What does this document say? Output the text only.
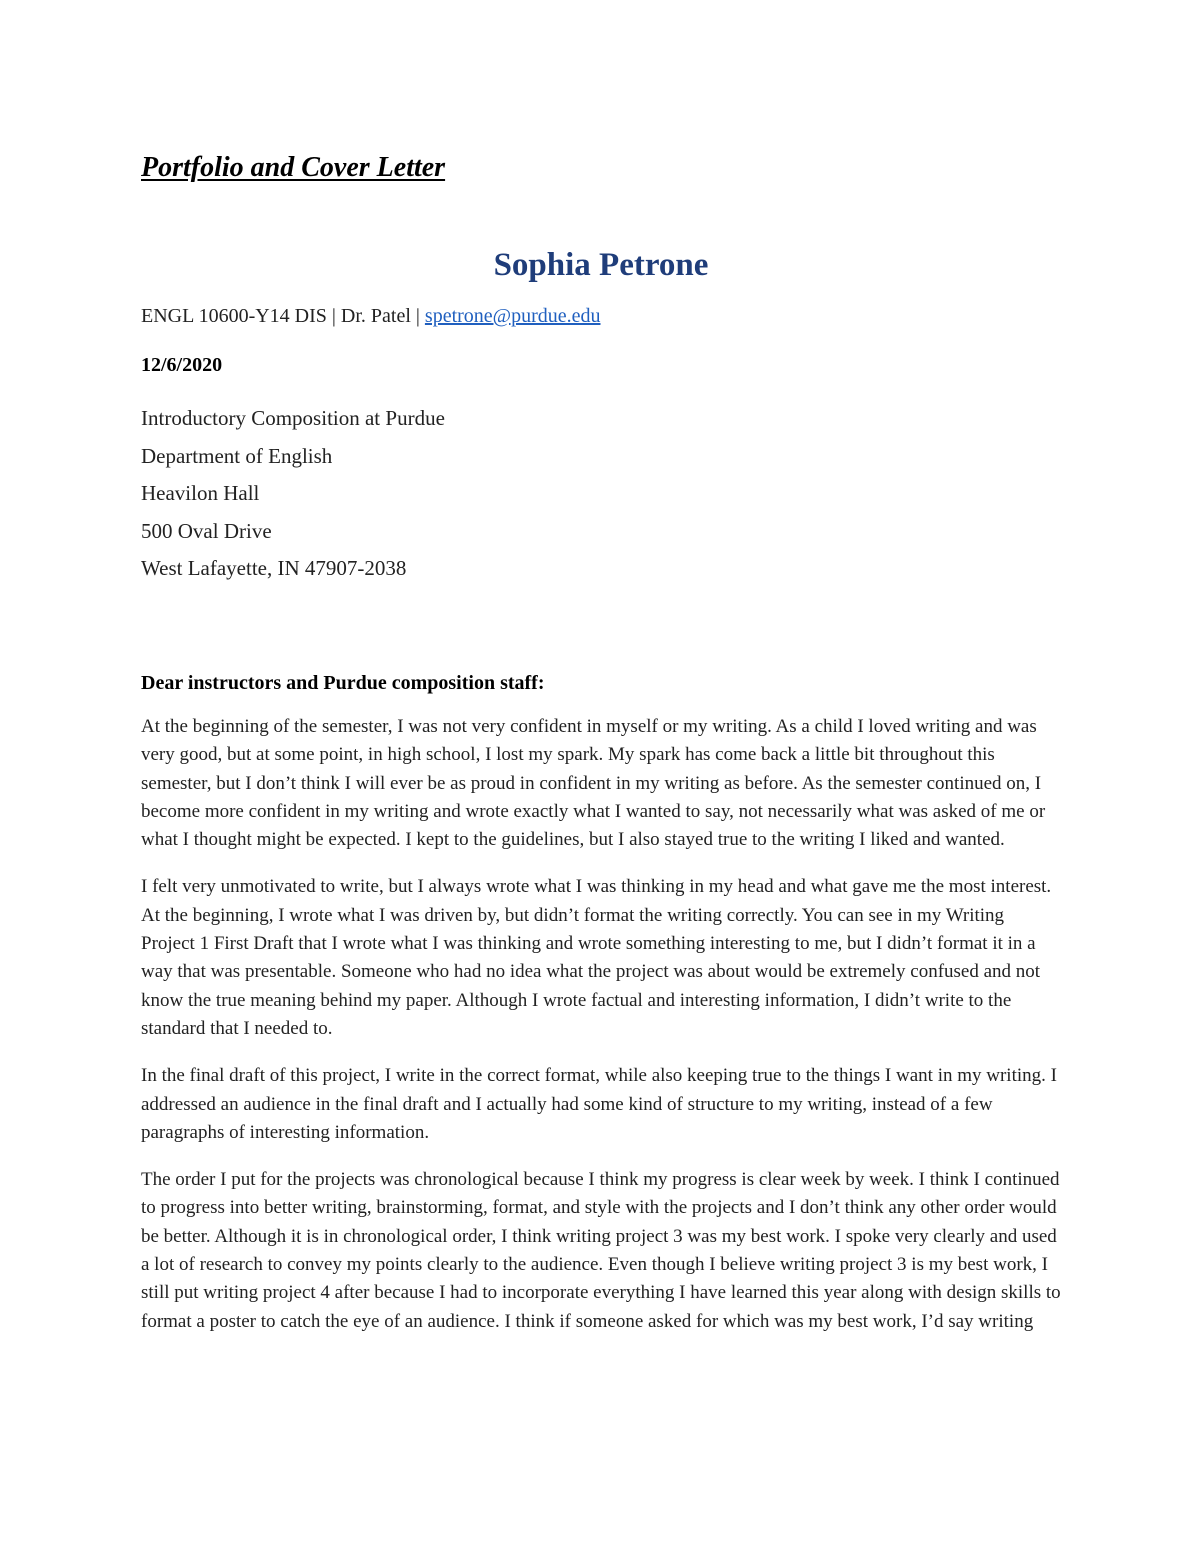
Portfolio and Cover Letter
Sophia Petrone
ENGL 10600-Y14 DIS | Dr. Patel | spetrone@purdue.edu
12/6/2020
Introductory Composition at Purdue
Department of English
Heavilon Hall
500 Oval Drive
West Lafayette, IN 47907-2038
Dear instructors and Purdue composition staff:

At the beginning of the semester, I was not very confident in myself or my writing. As a child I loved writing and was very good, but at some point, in high school, I lost my spark. My spark has come back a little bit throughout this semester, but I don’t think I will ever be as proud in confident in my writing as before. As the semester continued on, I become more confident in my writing and wrote exactly what I wanted to say, not necessarily what was asked of me or what I thought might be expected. I kept to the guidelines, but I also stayed true to the writing I liked and wanted.

I felt very unmotivated to write, but I always wrote what I was thinking in my head and what gave me the most interest. At the beginning, I wrote what I was driven by, but didn’t format the writing correctly. You can see in my Writing Project 1 First Draft that I wrote what I was thinking and wrote something interesting to me, but I didn’t format it in a way that was presentable. Someone who had no idea what the project was about would be extremely confused and not know the true meaning behind my paper. Although I wrote factual and interesting information, I didn’t write to the standard that I needed to.

In the final draft of this project, I write in the correct format, while also keeping true to the things I want in my writing. I addressed an audience in the final draft and I actually had some kind of structure to my writing, instead of a few paragraphs of interesting information.

The order I put for the projects was chronological because I think my progress is clear week by week. I think I continued to progress into better writing, brainstorming, format, and style with the projects and I don’t think any other order would be better. Although it is in chronological order, I think writing project 3 was my best work. I spoke very clearly and used a lot of research to convey my points clearly to the audience. Even though I believe writing project 3 is my best work, I still put writing project 4 after because I had to incorporate everything I have learned this year along with design skills to format a poster to catch the eye of an audience. I think if someone asked for which was my best work, I’d say writing
